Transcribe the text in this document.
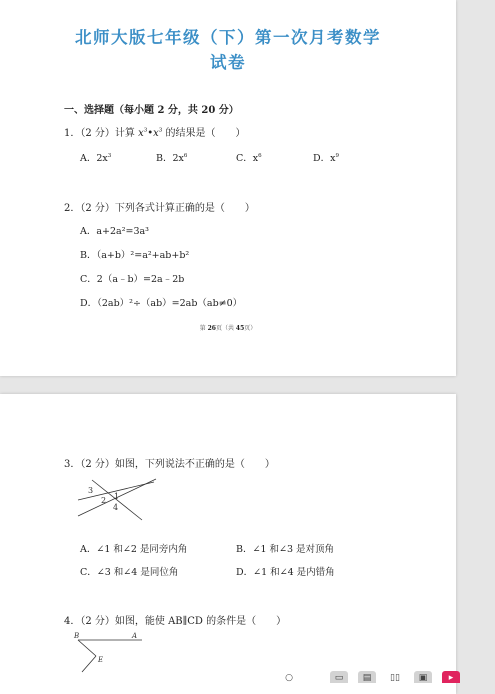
北师大版七年级（下）第一次月考数学
试卷
一、选择题（每小题 2 分，共 20 分）
1．（2 分）计算 $x^3•x^3$ 的结果是（　　）
A．$2x^3$	B．$2x^6$	C．$x^6$	D．$x^9$
2．（2 分）下列各式计算正确的是（　　）
A．a+2a²=3a³
B．（a+b）²=a²+ab+b²
C．2（a﹣b）=2a﹣2b
D．（2ab）²÷（ab）=2ab（ab≠0）
第 26页（共 45页）
3．（2 分）如图，下列说法不正确的是（　　）
3
1
2
4
A．∠1 和∠2 是同旁内角	B．∠1 和∠3 是对顶角
C．∠3 和∠4 是同位角	D．∠1 和∠4 是内错角
4．（2 分）如图，能使 AB∥CD 的条件是（　　）
B	A
E
○	▭	▤	▯▯	▣	▸
